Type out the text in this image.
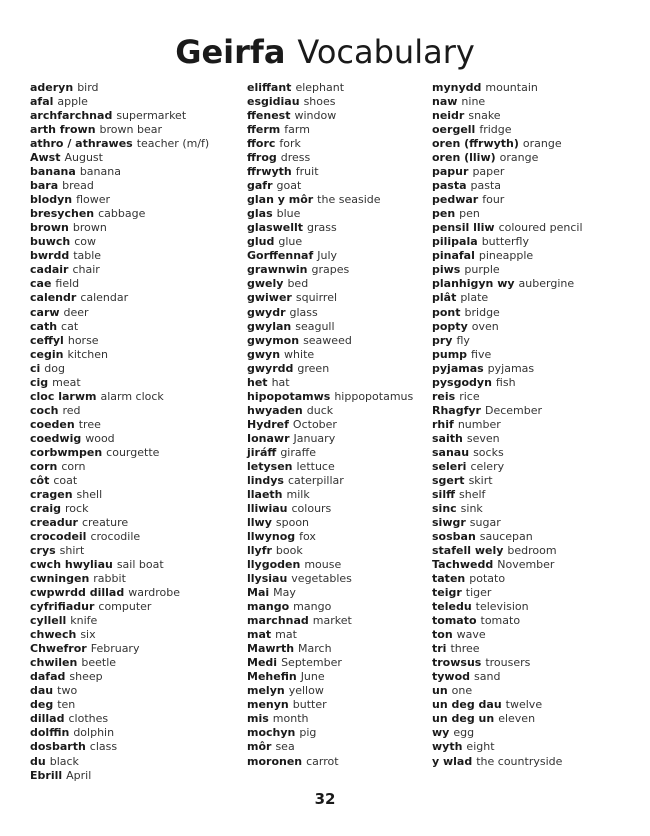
Geirfa Vocabulary
aderyn bird
afal apple
archfarchnad supermarket
arth frown brown bear
athro / athrawes teacher (m/f)
Awst August
banana banana
bara bread
blodyn flower
bresychen cabbage
brown brown
buwch cow
bwrdd table
cadair chair
cae field
calendr calendar
carw deer
cath cat
ceffyl horse
cegin kitchen
ci dog
cig meat
cloc larwm alarm clock
coch red
coeden tree
coedwig wood
corbwmpen courgette
corn corn
côt coat
cragen shell
craig rock
creadur creature
crocodeil crocodile
crys shirt
cwch hwyliau sail boat
cwningen rabbit
cwpwrdd dillad wardrobe
cyfrifiadur computer
cyllell knife
chwech six
Chwefror February
chwilen beetle
dafad sheep
dau two
deg ten
dillad clothes
dolffin dolphin
dosbarth class
du black
Ebrill April
eliffant elephant
esgidiau shoes
ffenest window
fferm farm
fforc fork
ffrog dress
ffrwyth fruit
gafr goat
glan y môr the seaside
glas blue
glaswellt grass
glud glue
Gorffennaf July
grawnwin grapes
gwely bed
gwiwer squirrel
gwydr glass
gwylan seagull
gwymon seaweed
gwyn white
gwyrdd green
het hat
hipopotamws hippopotamus
hwyaden duck
Hydref October
Ionawr January
jiráff giraffe
letysen lettuce
lindys caterpillar
llaeth milk
lliwiau colours
llwy spoon
llwynog fox
llyfr book
llygoden mouse
llysiau vegetables
Mai May
mango mango
marchnad market
mat mat
Mawrth March
Medi September
Mehefin June
melyn yellow
menyn butter
mis month
mochyn pig
môr sea
moronen carrot
mynydd mountain
naw nine
neidr snake
oergell fridge
oren (ffrwyth) orange
oren (lliw) orange
papur paper
pasta pasta
pedwar four
pen pen
pensil lliw coloured pencil
pilipala butterfly
pinafal pineapple
piws purple
planhigyn wy aubergine
plât plate
pont bridge
popty oven
pry fly
pump five
pyjamas pyjamas
pysgodyn fish
reis rice
Rhagfyr December
rhif number
saith seven
sanau socks
seleri celery
sgert skirt
silff shelf
sinc sink
siwgr sugar
sosban saucepan
stafell wely bedroom
Tachwedd November
taten potato
teigr tiger
teledu television
tomato tomato
ton wave
tri three
trowsus trousers
tywod sand
un one
un deg dau twelve
un deg un eleven
wy egg
wyth eight
y wlad the countryside
32
